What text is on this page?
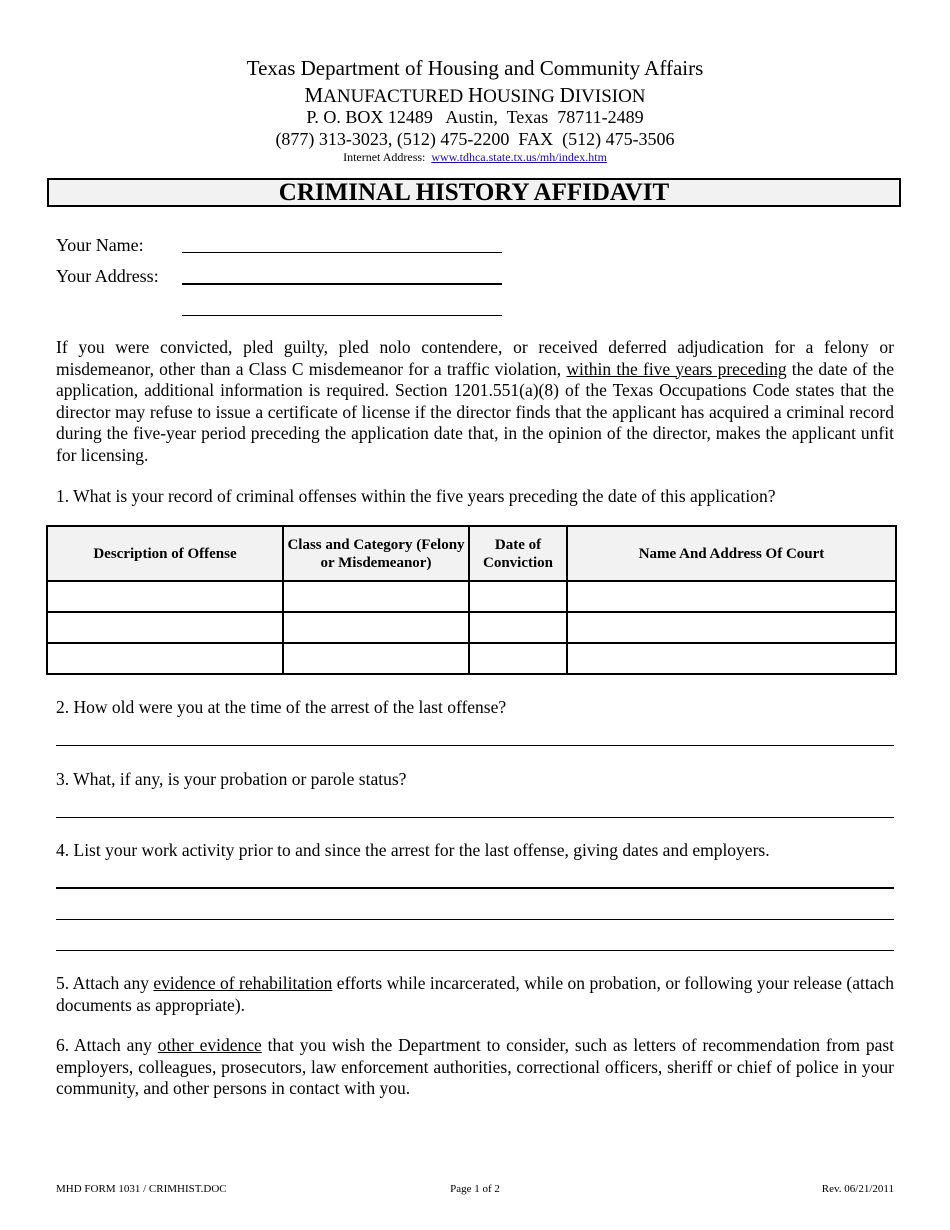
Texas Department of Housing and Community Affairs
MANUFACTURED HOUSING DIVISION
P. O. BOX 12489   Austin,  Texas  78711-2489
(877) 313-3023, (512) 475-2200  FAX  (512) 475-3506
Internet Address: www.tdhca.state.tx.us/mh/index.htm
CRIMINAL HISTORY AFFIDAVIT
Your Name:
Your Address:
If you were convicted, pled guilty, pled nolo contendere, or received deferred adjudication for a felony or misdemeanor, other than a Class C misdemeanor for a traffic violation, within the five years preceding the date of the application, additional information is required. Section 1201.551(a)(8) of the Texas Occupations Code states that the director may refuse to issue a certificate of license if the director finds that the applicant has acquired a criminal record during the five-year period preceding the application date that, in the opinion of the director, makes the applicant unfit for licensing.
1. What is your record of criminal offenses within the five years preceding the date of this application?
Description of Offense	Class and Category (Felony or Misdemeanor)	Date of Conviction	Name And Address Of Court

2. How old were you at the time of the arrest of the last offense?
3. What, if any, is your probation or parole status?
4. List your work activity prior to and since the arrest for the last offense, giving dates and employers.
5. Attach any evidence of rehabilitation efforts while incarcerated, while on probation, or following your release (attach documents as appropriate).
6. Attach any other evidence that you wish the Department to consider, such as letters of recommendation from past employers, colleagues, prosecutors, law enforcement authorities, correctional officers, sheriff or chief of police in your community, and other persons in contact with you.
MHD FORM 1031 / CRIMHIST.DOC	Page 1 of 2	Rev. 06/21/2011
